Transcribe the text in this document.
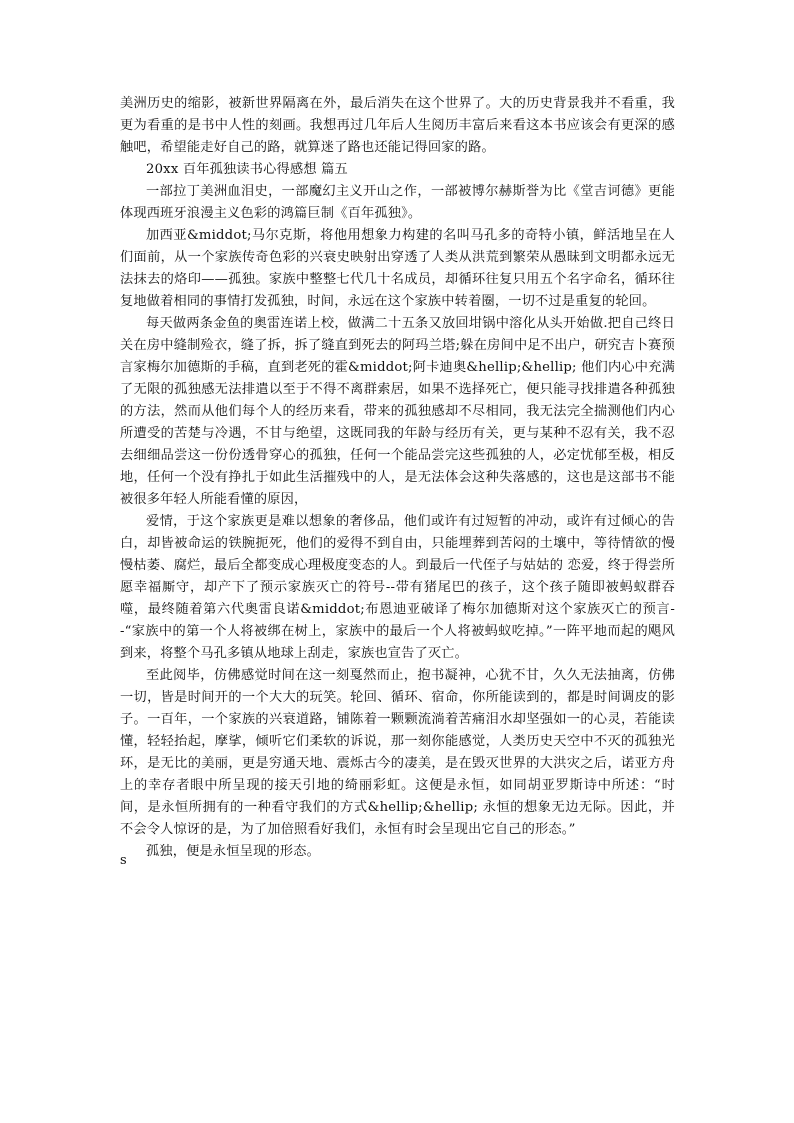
美洲历史的缩影，被新世界隔离在外，最后消失在这个世界了。大的历史背景我并不看重，我更为看重的是书中人性的刻画。我想再过几年后人生阅历丰富后来看这本书应该会有更深的感触吧，希望能走好自己的路，就算迷了路也还能记得回家的路。

20xx 百年孤独读书心得感想 篇五

一部拉丁美洲血泪史，一部魔幻主义开山之作，一部被博尔赫斯誉为比《堂吉诃德》更能体现西班牙浪漫主义色彩的鸿篇巨制《百年孤独》。

加西亚&middot;马尔克斯，将他用想象力构建的名叫马孔多的奇特小镇，鲜活地呈在人们面前，从一个家族传奇色彩的兴衰史映射出穿透了人类从洪荒到繁荣从愚昧到文明都永远无法抹去的烙印——孤独。家族中整整七代几十名成员，却循环往复只用五个名字命名，循环往复地做着相同的事情打发孤独，时间，永远在这个家族中转着圈，一切不过是重复的轮回。

每天做两条金鱼的奥雷连诺上校，做满二十五条又放回坩锅中溶化从头开始做.把自己终日关在房中缝制殓衣，缝了拆，拆了缝直到死去的阿玛兰塔;躲在房间中足不出户，研究吉卜赛预言家梅尔加德斯的手稿，直到老死的霍&middot;阿卡迪奥&hellip;&hellip; 他们内心中充满了无限的孤独感无法排遣以至于不得不离群索居，如果不选择死亡，便只能寻找排遣各种孤独的方法，然而从他们每个人的经历来看，带来的孤独感却不尽相同，我无法完全揣测他们内心所遭受的苦楚与冷遇，不甘与绝望，这既同我的年龄与经历有关，更与某种不忍有关，我不忍去细细品尝这一份份透骨穿心的孤独，任何一个能品尝完这些孤独的人，必定忧郁至极，相反地，任何一个没有挣扎于如此生活摧残中的人，是无法体会这种失落感的，这也是这部书不能被很多年轻人所能看懂的原因，

爱情，于这个家族更是难以想象的奢侈品，他们或许有过短暂的冲动，或许有过倾心的告白，却皆被命运的铁腕扼死，他们的爱得不到自由，只能埋葬到苦闷的土壤中，等待情欲的慢慢枯萎、腐烂，最后全都变成心理极度变态的人。到最后一代侄子与姑姑的 恋爱，终于得尝所愿幸福厮守，却产下了预示家族灭亡的符号--带有猪尾巴的孩子，这个孩子随即被蚂蚁群吞噬，最终随着第六代奥雷良诺&middot;布恩迪亚破译了梅尔加德斯对这个家族灭亡的预言--“家族中的第一个人将被绑在树上，家族中的最后一个人将被蚂蚁吃掉。”一阵平地而起的飓风到来，将整个马孔多镇从地球上刮走，家族也宣告了灭亡。

至此阅毕，仿佛感觉时间在这一刻戛然而止，抱书凝神，心犹不甘，久久无法抽离，仿佛一切，皆是时间开的一个大大的玩笑。轮回、循环、宿命，你所能读到的，都是时间调皮的影子。一百年，一个家族的兴衰道路，铺陈着一颗颗流淌着苦痛泪水却坚强如一的心灵，若能读懂，轻轻抬起，摩挲，倾听它们柔软的诉说，那一刻你能感觉，人类历史天空中不灭的孤独光环，是无比的美丽，更是穷通天地、震烁古今的凄美，是在毁灭世界的大洪灾之后，诺亚方舟上的幸存者眼中所呈现的接天引地的绮丽彩虹。这便是永恒，如同胡亚罗斯诗中所述：“时间，是永恒所拥有的一种看守我们的方式&hellip;&hellip; 永恒的想象无边无际。因此，并不会令人惊讶的是，为了加倍照看好我们，永恒有时会呈现出它自己的形态。”

孤独，便是永恒呈现的形态。

s
